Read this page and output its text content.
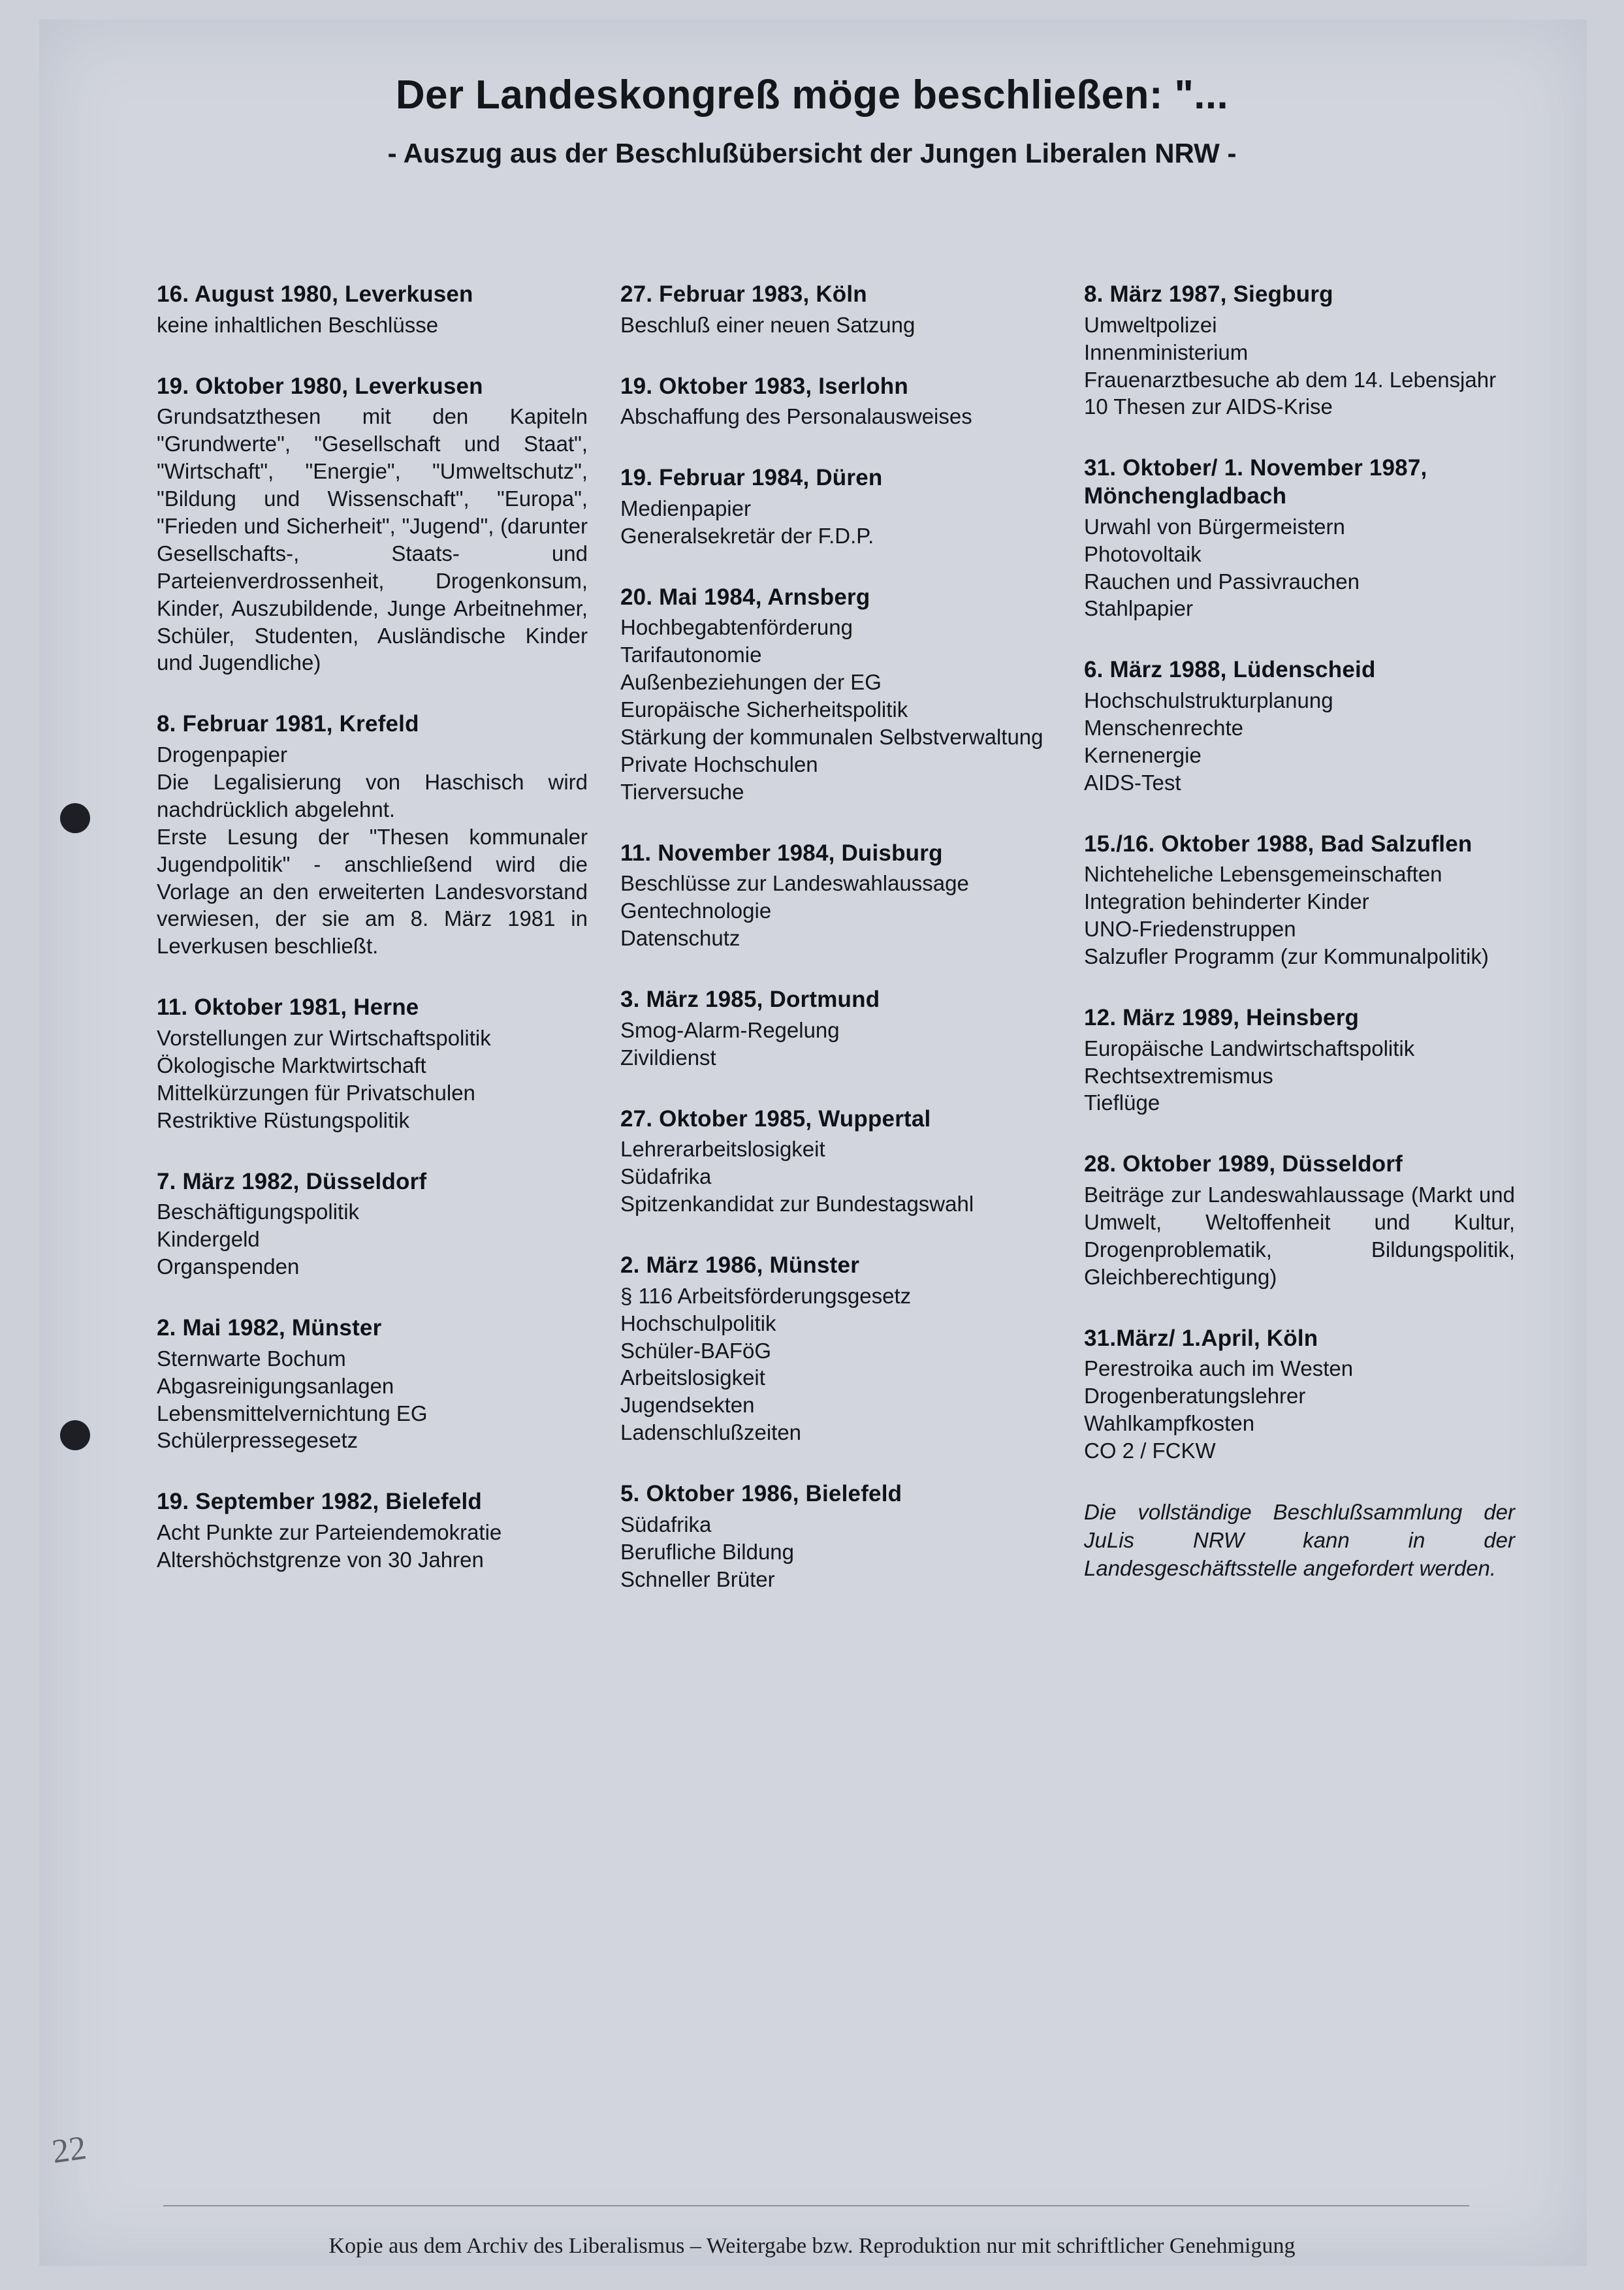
Der Landeskongreß möge beschließen: "...
- Auszug aus der Beschlußübersicht der Jungen Liberalen NRW -
16. August 1980, Leverkusen
keine inhaltlichen Beschlüsse
19. Oktober 1980, Leverkusen
Grundsatzthesen mit den Kapiteln "Grundwerte", "Gesellschaft und Staat", "Wirtschaft", "Energie", "Umweltschutz", "Bildung und Wissenschaft", "Europa", "Frieden und Sicherheit", "Jugend", (darunter Gesellschafts-, Staats- und Parteienverdrossenheit, Drogenkonsum, Kinder, Auszubildende, Junge Arbeitnehmer, Schüler, Studenten, Ausländische Kinder und Jugendliche)
8. Februar 1981, Krefeld
Drogenpapier
Die Legalisierung von Haschisch wird nachdrücklich abgelehnt.
Erste Lesung der "Thesen kommunaler Jugendpolitik" - anschließend wird die Vorlage an den erweiterten Landesvorstand verwiesen, der sie am 8. März 1981 in Leverkusen beschließt.
11. Oktober 1981, Herne
Vorstellungen zur Wirtschaftspolitik
Ökologische Marktwirtschaft
Mittelkürzungen für Privatschulen
Restriktive Rüstungspolitik
7. März 1982, Düsseldorf
Beschäftigungspolitik
Kindergeld
Organspenden
2. Mai 1982, Münster
Sternwarte Bochum
Abgasreinigungsanlagen
Lebensmittelvernichtung EG
Schülerpressegesetz
19. September 1982, Bielefeld
Acht Punkte zur Parteiendemokratie
Altershöchstgrenze von 30 Jahren
27. Februar 1983, Köln
Beschluß einer neuen Satzung
19. Oktober 1983, Iserlohn
Abschaffung des Personalausweises
19. Februar 1984, Düren
Medienpapier
Generalsekretär der F.D.P.
20. Mai 1984, Arnsberg
Hochbegabtenförderung
Tarifautonomie
Außenbeziehungen der EG
Europäische Sicherheitspolitik
Stärkung der kommunalen Selbstverwaltung
Private Hochschulen
Tierversuche
11. November 1984, Duisburg
Beschlüsse zur Landeswahlaussage
Gentechnologie
Datenschutz
3. März 1985, Dortmund
Smog-Alarm-Regelung
Zivildienst
27. Oktober 1985, Wuppertal
Lehrerarbeitslosigkeit
Südafrika
Spitzenkandidat zur Bundestagswahl
2. März 1986, Münster
§ 116 Arbeitsförderungsgesetz
Hochschulpolitik
Schüler-BAFöG
Arbeitslosigkeit
Jugendsekten
Ladenschlußzeiten
5. Oktober 1986, Bielefeld
Südafrika
Berufliche Bildung
Schneller Brüter
8. März 1987, Siegburg
Umweltpolizei
Innenministerium
Frauenarztbesuche ab dem 14. Lebensjahr
10 Thesen zur AIDS-Krise
31. Oktober/ 1. November 1987, Mönchengladbach
Urwahl von Bürgermeistern
Photovoltaik
Rauchen und Passivrauchen
Stahlpapier
6. März 1988, Lüdenscheid
Hochschulstrukturplanung
Menschenrechte
Kernenergie
AIDS-Test
15./16. Oktober 1988, Bad Salzuflen
Nichteheliche Lebensgemeinschaften
Integration behinderter Kinder
UNO-Friedenstruppen
Salzufler Programm (zur Kommunalpolitik)
12. März 1989, Heinsberg
Europäische Landwirtschaftspolitik
Rechtsextremismus
Tieflüge
28. Oktober 1989, Düsseldorf
Beiträge zur Landeswahlaussage (Markt und Umwelt, Weltoffenheit und Kultur, Drogenproblematik, Bildungspolitik, Gleichberechtigung)
31.März/ 1.April, Köln
Perestroika auch im Westen
Drogenberatungslehrer
Wahlkampfkosten
CO 2 / FCKW
Die vollständige Beschlußsammlung der JuLis NRW kann in der Landesgeschäftsstelle angefordert werden.
22
Kopie aus dem Archiv des Liberalismus – Weitergabe bzw. Reproduktion nur mit schriftlicher Genehmigung
